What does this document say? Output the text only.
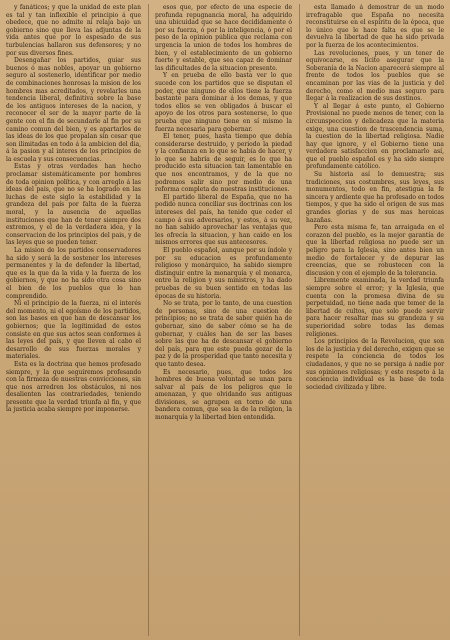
y fanáticos; y que la unidad de este plan es tal y tan inflexible el principio á que obedece, que no admite ni relaja bajo un gobierno sino que lleva las adjuntas de la vida antes que por lo espesado de sus turbulencias hallaron sus defensores; y no por sus diversos fines.

Desengañar los partidos, guiar sus buenos ó mas nobles, apoyar un gobierno seguro al sostenerlo, identificar por medio de combinaciones honrosas la mision de los hombres mas acreditados, y revelarles una tendencia liberal, definitiva sobre la base de los antiguos intereses de la nacion, y reconocer el ser de la mayor parte de la gente con el fin de secundarle al fin por su camino comun del bien, y es apartarlos de las ideas de los que propalan sin cesar que son ilimitadas en todo á la ambicion del dia, á la pasion y al interes de los principios de la escuela y sus consecuencias.

Estas y otras verdades han hecho proclamar sistemáticamente por hombres de toda opinion política, y con arreglo á las ideas del pais, que no se ha logrado en las luchas de este siglo la estabilidad y la grandeza del país por falta de la fuerza moral, y la ausencia de aquellas instituciones que han de tener siempre dos extremos, y el de la verdadera idea, y la conservacion de los principios del pais, y de las leyes que se pueden tener.

La mision de los partidos conservadores ha sido y será la de sostener los intereses permanentes y la de defender la libertad, que es la que da la vida y la fuerza de los gobiernos, y que no ha sido otra cosa sino el bien de los pueblos que lo han comprendido.

Ni el principio de la fuerza, ni el interés del momento, ni el egoísmo de los partidos, son las bases en que han de descansar los gobiernos; que la legitimidad de estos consiste en que sus actos sean conformes á las leyes del país, y que lleven al cabo el desarrollo de sus fuerzas morales y materiales.

Esta es la doctrina que hemos profesado siempre, y la que seguiremos profesando con la firmeza de nuestras convicciones, sin que nos arredren los obstáculos, ni nos desalienten las contrariedades, teniendo presente que la verdad triunfa al fin, y que la justicia acaba siempre por imponerse.

esos que, por efecto de una especie de profunda repugnancia moral, ha adquirido una ubicuidad que se hace decididamente ó por su fuerza, ó por la inteligencia, ó por el peso de la opinion pública que reclama con urgencia la union de todos los hombres de bien, y el establecimiento de un gobierno fuerte y estable, que sea capaz de dominar las dificultades de la situacion presente.

Y en prueba de ello basta ver lo que sucede con los partidos que se disputan el poder, que ninguno de ellos tiene la fuerza bastante para dominar á los demas, y que todos ellos se ven obligados á buscar el apoyo de los otros para sostenerse, lo que prueba que ninguno tiene en sí mismo la fuerza necesaria para gobernar.

El tener, pues, hasta tiempo que debía considerarse destruido, y periodo la piedad y la confianza en lo que se había de hacer, y lo que se habría de seguir, es lo que ha producido esta situacion tan lamentable en que nos encontramos, y de la que no podremos salir sino por medio de una reforma completa de nuestras instituciones.

El partido liberal de España, que no ha podido nunca conciliar sus doctrinas con los intereses del país, ha tenido que ceder el campo á sus adversarios, y estos, á su vez, no han sabido aprovechar las ventajas que les ofrecía la situacion, y han caido en los mismos errores que sus antecesores.

El pueblo español, aunque por su índole y por su educacion es profundamente religioso y monárquico, ha sabido siempre distinguir entre la monarquía y el monarca, entre la religion y sus ministros, y ha dado pruebas de su buen sentido en todas las épocas de su historia.

No se trata, por lo tanto, de una cuestion de personas, sino de una cuestion de principios; no se trata de saber quién ha de gobernar, sino de saber cómo se ha de gobernar, y cuáles han de ser las bases sobre las que ha de descansar el gobierno del país, para que este pueda gozar de la paz y de la prosperidad que tanto necesita y que tanto desea.

Es necesario, pues, que todos los hombres de buena voluntad se unan para salvar al país de los peligros que le amenazan, y que olvidando sus antiguas divisiones, se agrupen en torno de una bandera comun, que sea la de la religion, la monarquía y la libertad bien entendida.

esta llamado á demostrar de un modo irrefragable que España no necesita reconstituirse en el espíritu de la época, que lo único que le hace falta es que se le devuelva la libertad de que ha sido privada por la fuerza de los acontecimientos.

Las revoluciones, pues, y un tener de equivocarse, es lícito asegurar que la Soberanía de la Nacion aparecerá siempre al frente de todos los pueblos que se encaminan por las vias de la justicia y del derecho, como el medio mas seguro para llegar á la realizacion de sus destinos.

Y al llegar á este punto, el Gobierno Provisional no puede menos de tener, con la circunspeccion y delicadeza que la materia exige, una cuestion de trascendencia suma, la cuestion de la libertad religiosa. Nadie hay que ignore, y el Gobierno tiene una verdadera satisfaccion en proclamarlo así, que el pueblo español es y ha sido siempre profundamente católico.

Su historia así lo demuestra; sus tradiciones, sus costumbres, sus leyes, sus monumentos, todo en fin, atestigua la fe sincera y ardiente que ha profesado en todos tiempos, y que ha sido el origen de sus mas grandes glorias y de sus mas heroicas hazañas.

Pero esta misma fe, tan arraigada en el corazon del pueblo, es la mejor garantía de que la libertad religiosa no puede ser un peligro para la Iglesia, sino antes bien un medio de fortalecer y de depurar las creencias, que se robustecen con la discusion y con el ejemplo de la tolerancia.

Libremente examinada, la verdad triunfa siempre sobre el error; y la Iglesia, que cuenta con la promesa divina de su perpetuidad, no tiene nada que temer de la libertad de cultos, que solo puede servir para hacer resaltar mas su grandeza y su superioridad sobre todas las demas religiones.

Los principios de la Revolucion, que son los de la justicia y del derecho, exigen que se respete la conciencia de todos los ciudadanos, y que no se persiga á nadie por sus opiniones religiosas; y este respeto á la conciencia individual es la base de toda sociedad civilizada y libre.
